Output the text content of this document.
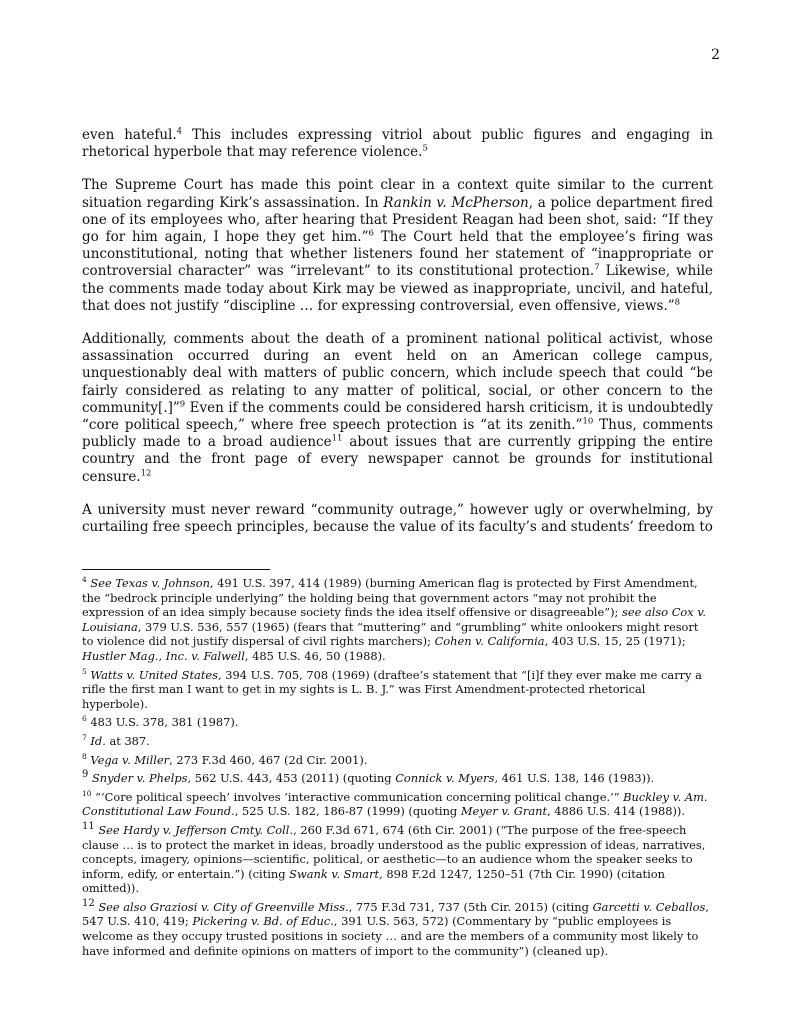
2

even hateful.$^4$ This includes expressing vitriol about public figures and engaging in rhetorical hyperbole that may reference violence.$^5$

The Supreme Court has made this point clear in a context quite similar to the current situation regarding Kirk’s assassination. In Rankin v. McPherson, a police department fired one of its employees who, after hearing that President Reagan had been shot, said: “If they go for him again, I hope they get him.”$^6$ The Court held that the employee’s firing was unconstitutional, noting that whether listeners found her statement of “inappropriate or controversial character” was “irrelevant” to its constitutional protection.$^7$ Likewise, while the comments made today about Kirk may be viewed as inappropriate, uncivil, and hateful, that does not justify “discipline … for expressing controversial, even offensive, views.”$^8$

Additionally, comments about the death of a prominent national political activist, whose assassination occurred during an event held on an American college campus, unquestionably deal with matters of public concern, which include speech that could “be fairly considered as relating to any matter of political, social, or other concern to the community[.]”$^9$ Even if the comments could be considered harsh criticism, it is undoubtedly “core political speech,” where free speech protection is “at its zenith.”$^{10}$ Thus, comments publicly made to a broad audience$^{11}$ about issues that are currently gripping the entire country and the front page of every newspaper cannot be grounds for institutional censure.$^{12}$

A university must never reward “community outrage,” however ugly or overwhelming, by curtailing free speech principles, because the value of its faculty’s and students’ freedom to

$^4$ See Texas v. Johnson, 491 U.S. 397, 414 (1989) (burning American flag is protected by First Amendment, the “bedrock principle underlying” the holding being that government actors “may not prohibit the expression of an idea simply because society finds the idea itself offensive or disagreeable”); see also Cox v. Louisiana, 379 U.S. 536, 557 (1965) (fears that “muttering” and “grumbling” white onlookers might resort to violence did not justify dispersal of civil rights marchers); Cohen v. California, 403 U.S. 15, 25 (1971); Hustler Mag., Inc. v. Falwell, 485 U.S. 46, 50 (1988).
$^5$ Watts v. United States, 394 U.S. 705, 708 (1969) (draftee’s statement that “[i]f they ever make me carry a rifle the first man I want to get in my sights is L. B. J.” was First Amendment-protected rhetorical hyperbole).
$^6$ 483 U.S. 378, 381 (1987).
$^7$ Id. at 387.
$^8$ Vega v. Miller, 273 F.3d 460, 467 (2d Cir. 2001).
$^9$ Snyder v. Phelps, 562 U.S. 443, 453 (2011) (quoting Connick v. Myers, 461 U.S. 138, 146 (1983)).
$^{10}$ “‘Core political speech’ involves ‘interactive communication concerning political change.’” Buckley v. Am. Constitutional Law Found., 525 U.S. 182, 186-87 (1999) (quoting Meyer v. Grant, 4886 U.S. 414 (1988)).
$^{11}$ See Hardy v. Jefferson Cmty. Coll., 260 F.3d 671, 674 (6th Cir. 2001) (“The purpose of the free-speech clause … is to protect the market in ideas, broadly understood as the public expression of ideas, narratives, concepts, imagery, opinions—scientific, political, or aesthetic—to an audience whom the speaker seeks to inform, edify, or entertain.”) (citing Swank v. Smart, 898 F.2d 1247, 1250–51 (7th Cir. 1990) (citation omitted)).
$^{12}$ See also Graziosi v. City of Greenville Miss., 775 F.3d 731, 737 (5th Cir. 2015) (citing Garcetti v. Ceballos, 547 U.S. 410, 419; Pickering v. Bd. of Educ., 391 U.S. 563, 572) (Commentary by “public employees is welcome as they occupy trusted positions in society … and are the members of a community most likely to have informed and definite opinions on matters of import to the community”) (cleaned up).
